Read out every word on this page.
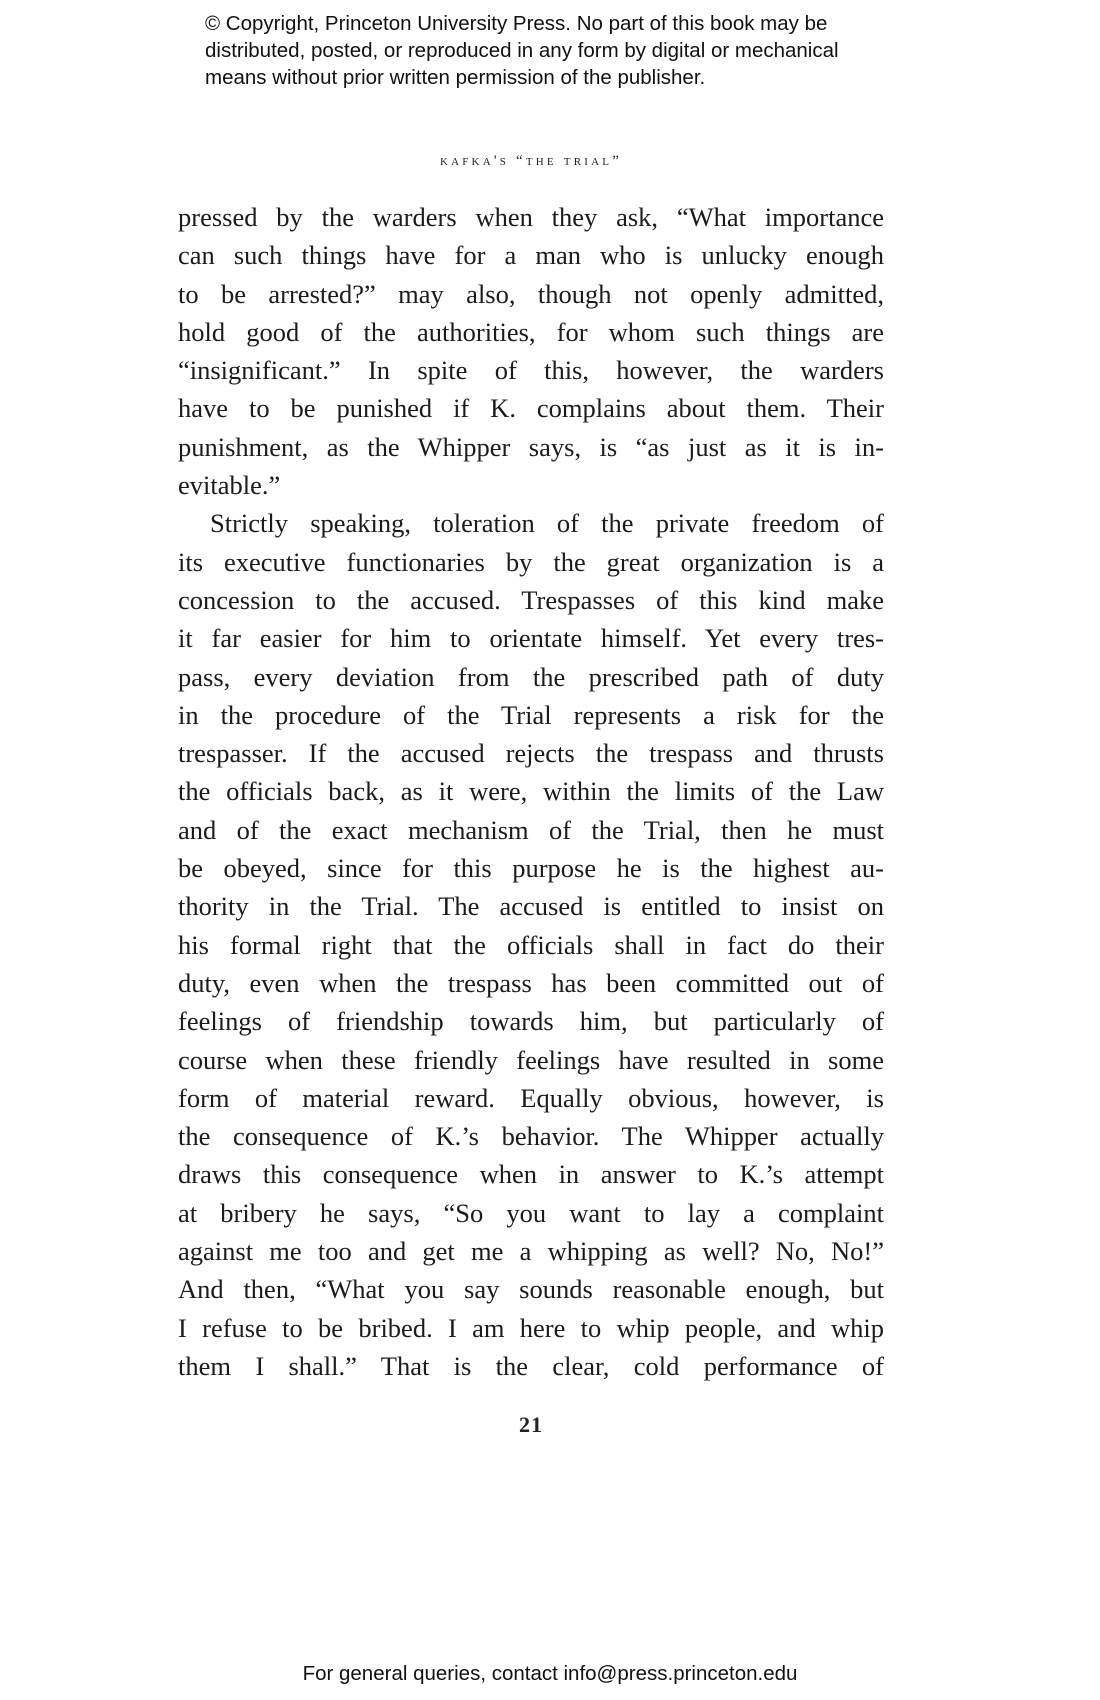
© Copyright, Princeton University Press. No part of this book may be
distributed, posted, or reproduced in any form by digital or mechanical
means without prior written permission of the publisher.
kafka's “the trial”
pressed by the warders when they ask, “What importance
can such things have for a man who is unlucky enough
to be arrested?” may also, though not openly admitted,
hold good of the authorities, for whom such things are
“insignificant.” In spite of this, however, the warders
have to be punished if K. complains about them. Their
punishment, as the Whipper says, is “as just as it is in-
evitable.”
Strictly speaking, toleration of the private freedom of
its executive functionaries by the great organization is a
concession to the accused. Trespasses of this kind make
it far easier for him to orientate himself. Yet every tres-
pass, every deviation from the prescribed path of duty
in the procedure of the Trial represents a risk for the
trespasser. If the accused rejects the trespass and thrusts
the officials back, as it were, within the limits of the Law
and of the exact mechanism of the Trial, then he must
be obeyed, since for this purpose he is the highest au-
thority in the Trial. The accused is entitled to insist on
his formal right that the officials shall in fact do their
duty, even when the trespass has been committed out of
feelings of friendship towards him, but particularly of
course when these friendly feelings have resulted in some
form of material reward. Equally obvious, however, is
the consequence of K.’s behavior. The Whipper actually
draws this consequence when in answer to K.’s attempt
at bribery he says, “So you want to lay a complaint
against me too and get me a whipping as well? No, No!”
And then, “What you say sounds reasonable enough, but
I refuse to be bribed. I am here to whip people, and whip
them I shall.” That is the clear, cold performance of
21
For general queries, contact info@press.princeton.edu
